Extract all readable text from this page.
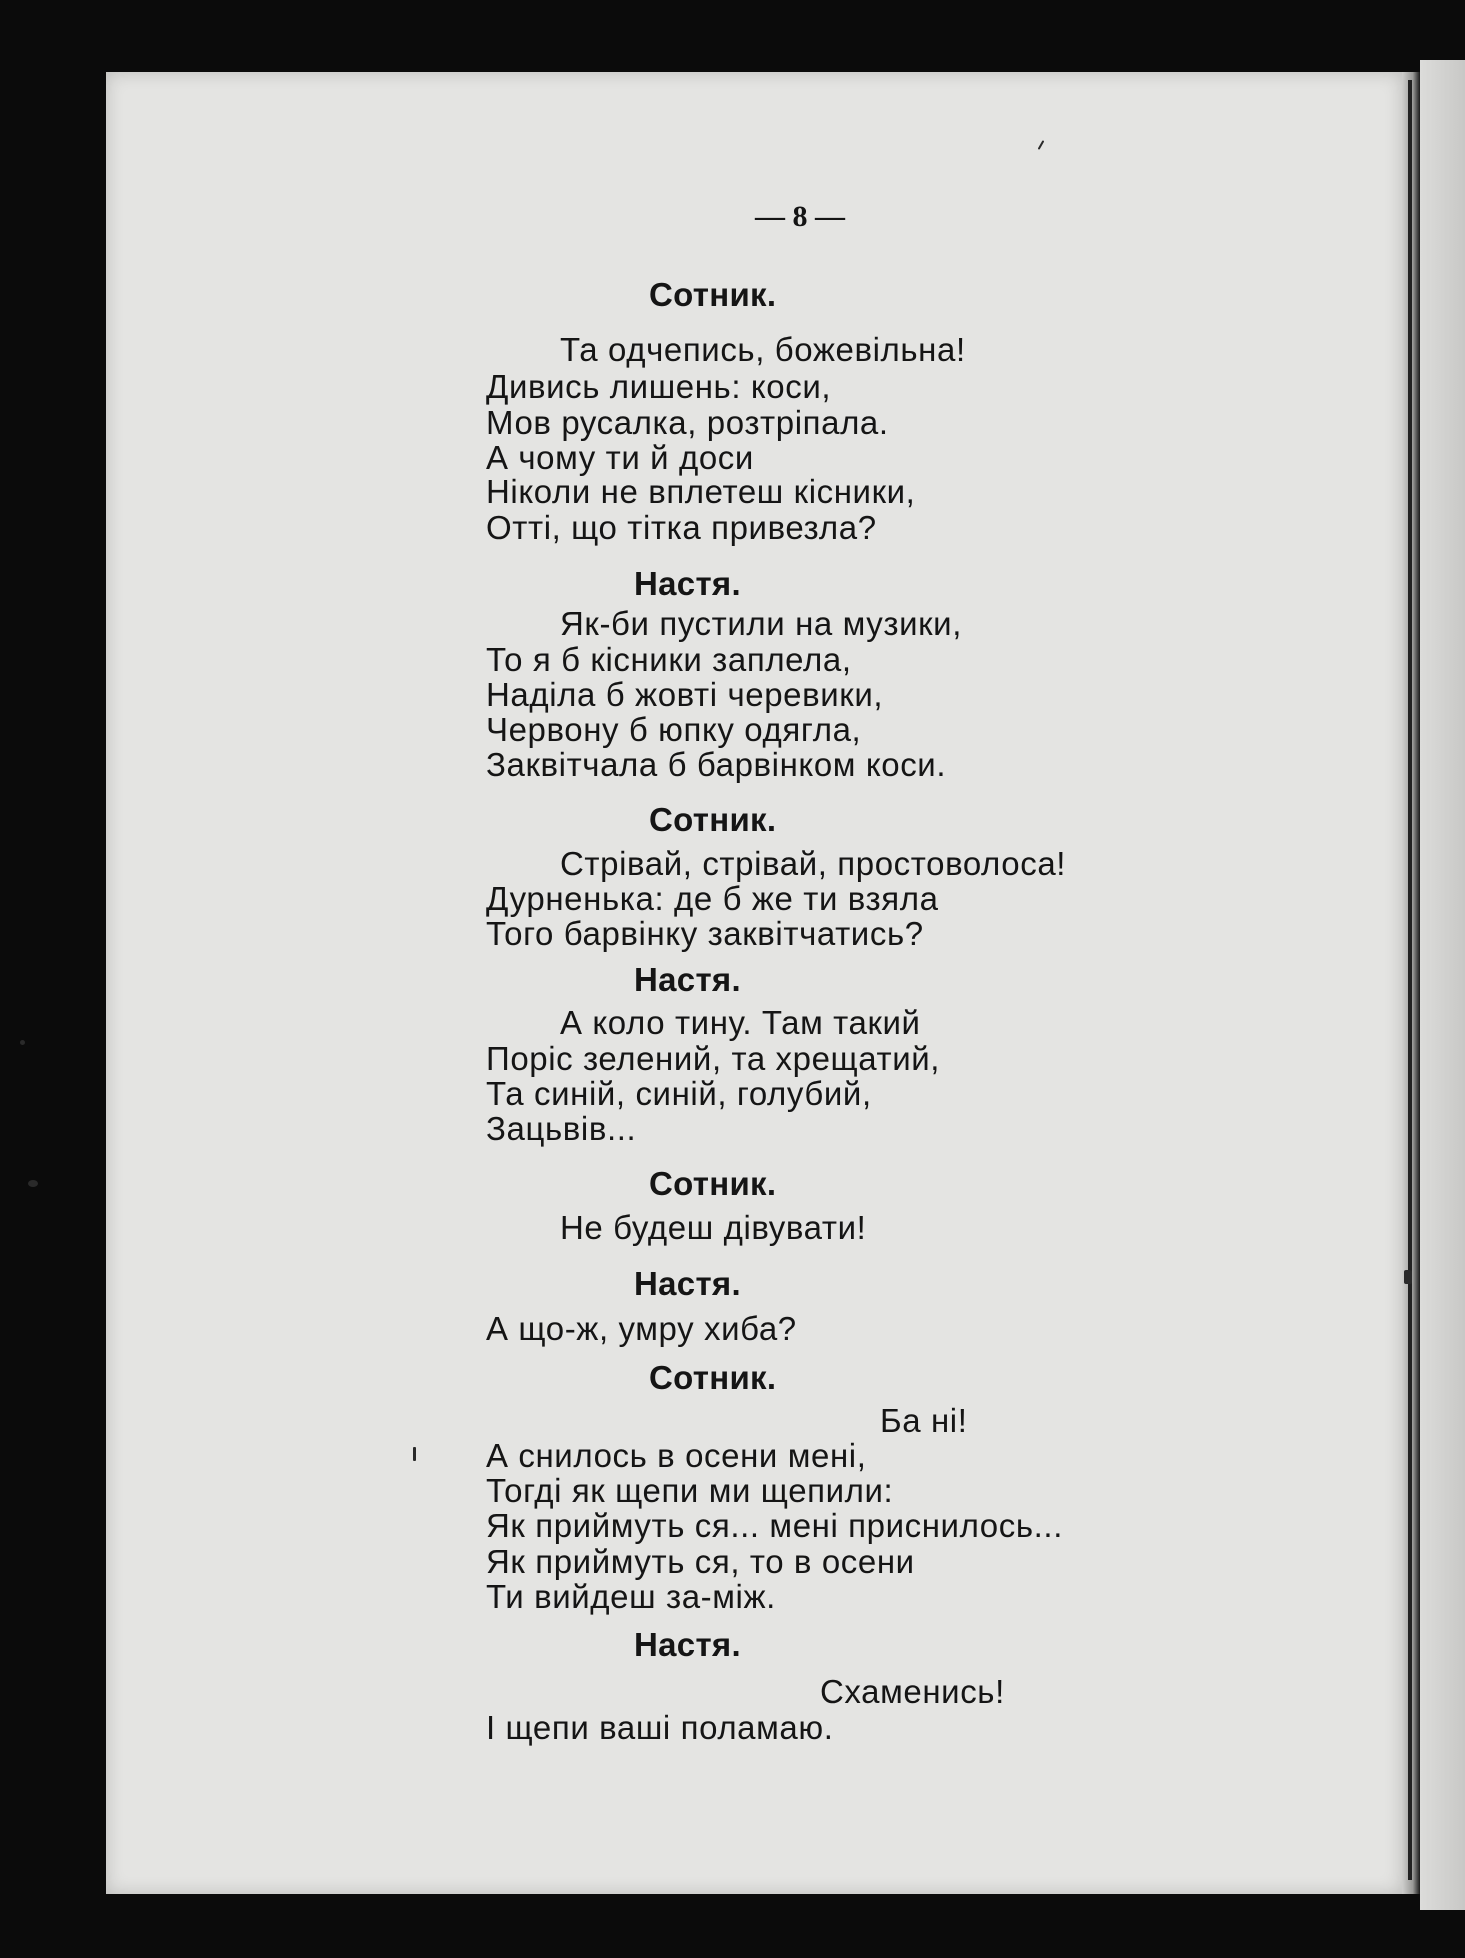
— 8 —
Сотник.
Та одчепись, божевільна!
Дивись лишень: коси,
Мов русалка, розтріпала.
А чому ти й доси
Ніколи не вплетеш кісники,
Отті, що тітка привезла?
Настя.
Як-би пустили на музики,
То я б кісники заплела,
Наділа б жовті черевики,
Червону б юпку одягла,
Заквітчала б барвінком коси.
Сотник.
Стрівай, стрівай, простоволоса!
Дурненька: де б же ти взяла
Того барвінку заквітчатись?
Настя.
А коло тину. Там такий
Поріс зелений, та хрещатий,
Та синій, синій, голубий,
Зацьвів...
Сотник.
Не будеш дівувати!
Настя.
А що-ж, умру хиба?
Сотник.
Ба ні!
А снилось в осени мені,
Тогді як щепи ми щепили:
Як приймуть ся... мені приснилось...
Як приймуть ся, то в осени
Ти вийдеш за-між.
Настя.
Схаменись!
І щепи ваші поламаю.
